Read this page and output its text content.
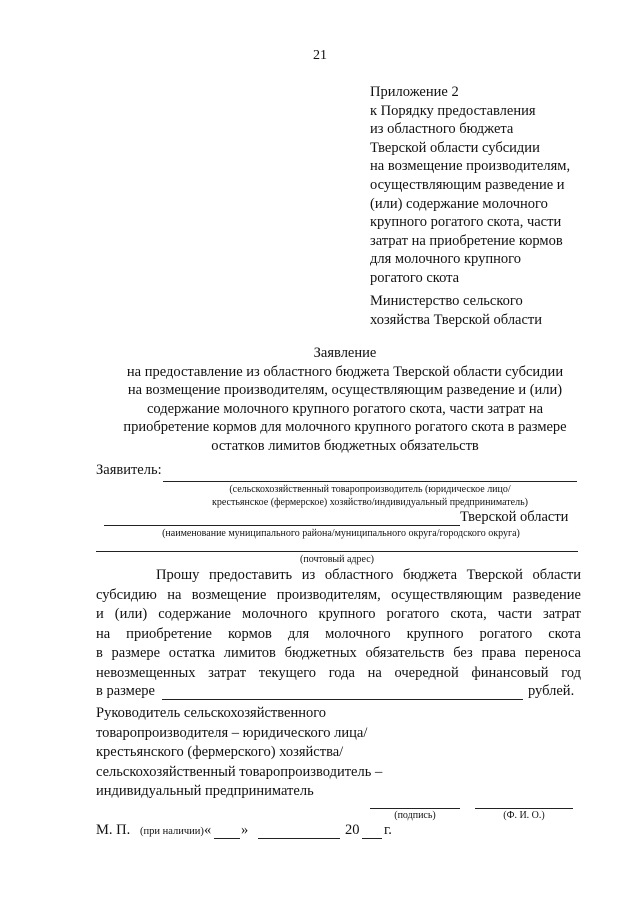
21
Приложение 2
к Порядку предоставления
из областного бюджета
Тверской области субсидии
на возмещение производителям,
осуществляющим разведение и
(или) содержание молочного
крупного рогатого скота, части
затрат на приобретение кормов
для молочного крупного
рогатого скота
Министерство сельского
хозяйства Тверской области
Заявление
на предоставление из областного бюджета Тверской области субсидии
на возмещение производителям, осуществляющим разведение и (или)
содержание молочного крупного рогатого скота, части затрат на
приобретение кормов для молочного крупного рогатого скота в размере
остатков лимитов бюджетных обязательств
Заявитель:
(сельскохозяйственный товаропроизводитель (юридическое лицо/
крестьянское (фермерское) хозяйство/индивидуальный предприниматель)
Тверской области
(наименование муниципального района/муниципального округа/городского округа)
(почтовый адрес)
Прошу предоставить из областного бюджета Тверской области
субсидию на возмещение производителям, осуществляющим разведение
и (или) содержание молочного крупного рогатого скота, части затрат
на приобретение кормов для молочного крупного рогатого скота
в размере остатка лимитов бюджетных обязательств без права переноса
невозмещенных затрат текущего года на очередной финансовый год
в размере	рублей.
Руководитель сельскохозяйственного
товаропроизводителя – юридического лица/
крестьянского (фермерского) хозяйства/
сельскохозяйственный товаропроизводитель –
индивидуальный предприниматель
(подпись)	(Ф. И. О.)
М. П. (при наличии) « »	20 г.
